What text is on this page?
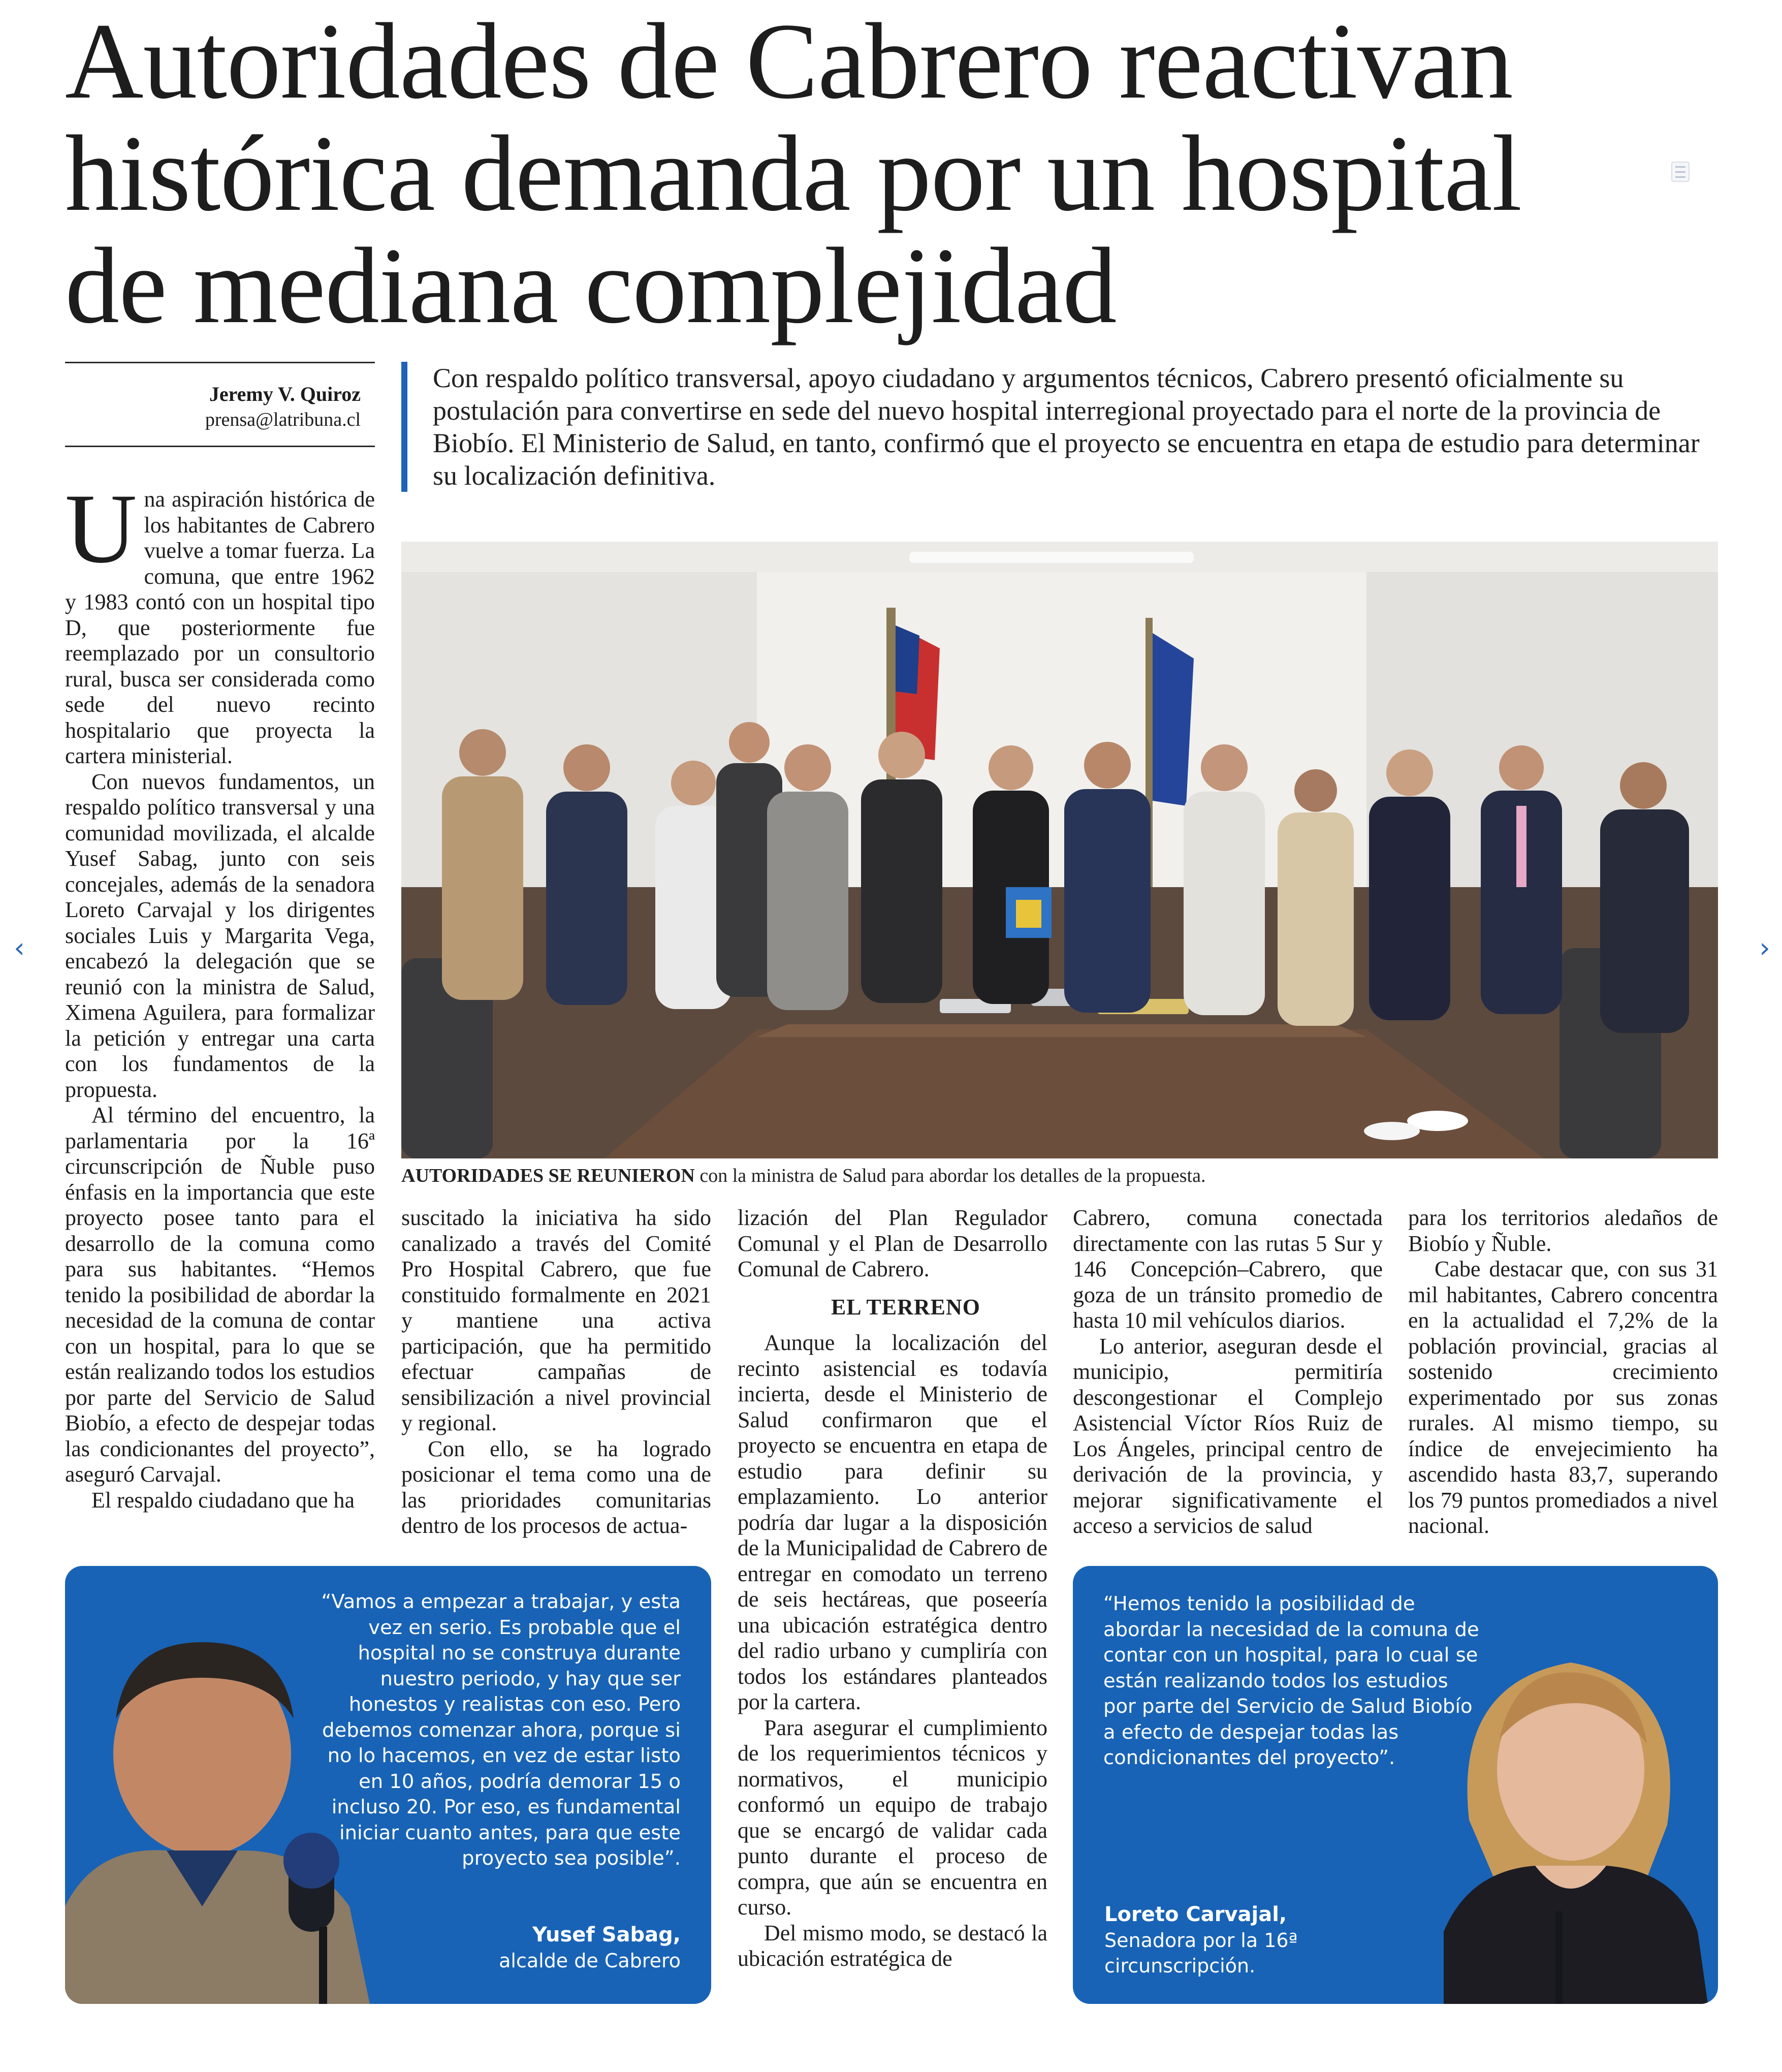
Autoridades de Cabrero reactivan
histórica demanda por un hospital
de mediana complejidad
Jeremy V. Quiroz
prensa@latribuna.cl
Con respaldo político transversal, apoyo ciudadano y argumentos técnicos, Cabrero presentó oficialmente su postulación para convertirse en sede del nuevo hospital interregional proyectado para el norte de la provincia de Biobío. El Ministerio de Salud, en tanto, confirmó que el proyecto se encuentra en etapa de estudio para determinar su localización definitiva.

Una aspiración histórica de los habitantes de Cabrero vuelve a tomar fuerza. La comuna, que entre 1962 y 1983 contó con un hospital tipo D, que posteriormente fue reemplazado por un consultorio rural, busca ser considerada como sede del nuevo recinto hospitalario que proyecta la cartera ministerial.

Con nuevos fundamentos, un respaldo político transversal y una comunidad movilizada, el alcalde Yusef Sabag, junto con seis concejales, además de la senadora Loreto Carvajal y los dirigentes sociales Luis y Margarita Vega, encabezó la delegación que se reunió con la ministra de Salud, Ximena Aguilera, para formalizar la petición y entregar una carta con los fundamentos de la propuesta.

Al término del encuentro, la parlamentaria por la 16ª circunscripción de Ñuble puso énfasis en la importancia que este proyecto posee tanto para el desarrollo de la comuna como para sus habitantes. “Hemos tenido la posibilidad de abordar la necesidad de la comuna de contar con un hospital, para lo que se están realizando todos los estudios por parte del Servicio de Salud Biobío, a efecto de despejar todas las condicionantes del proyecto”, aseguró Carvajal.

El respaldo ciudadano que ha

suscitado la iniciativa ha sido canalizado a través del Comité Pro Hospital Cabrero, que fue constituido formalmente en 2021 y mantiene una activa participación, que ha permitido efectuar campañas de sensibilización a nivel provincial y regional.

Con ello, se ha logrado posicionar el tema como una de las prioridades comunitarias dentro de los procesos de actua-

lización del Plan Regulador Comunal y el Plan de Desarrollo Comunal de Cabrero.

EL TERRENO

Aunque la localización del recinto asistencial es todavía incierta, desde el Ministerio de Salud confirmaron que el proyecto se encuentra en etapa de estudio para definir su emplazamiento. Lo anterior podría dar lugar a la disposición de la Municipalidad de Cabrero de entregar en comodato un terreno de seis hectáreas, que poseería una ubicación estratégica dentro del radio urbano y cumpliría con todos los estándares planteados por la cartera.

Para asegurar el cumplimiento de los requerimientos técnicos y normativos, el municipio conformó un equipo de trabajo que se encargó de validar cada punto durante el proceso de compra, que aún se encuentra en curso.

Del mismo modo, se destacó la ubicación estratégica de

Cabrero, comuna conectada directamente con las rutas 5 Sur y 146 Concepción–Cabrero, que goza de un tránsito promedio de hasta 10 mil vehículos diarios.

Lo anterior, aseguran desde el municipio, permitiría descongestionar el Complejo Asistencial Víctor Ríos Ruiz de Los Ángeles, principal centro de derivación de la provincia, y mejorar significativamente el acceso a servicios de salud

para los territorios aledaños de Biobío y Ñuble.

Cabe destacar que, con sus 31 mil habitantes, Cabrero concentra en la actualidad el 7,2% de la población provincial, gracias al sostenido crecimiento experimentado por sus zonas rurales. Al mismo tiempo, su índice de envejecimiento ha ascendido hasta 83,7, superando los 79 puntos promediados a nivel nacional.

AUTORIDADES SE REUNIERON con la ministra de Salud para abordar los detalles de la propuesta.
“Vamos a empezar a trabajar, y esta vez en serio. Es probable que el hospital no se construya durante nuestro periodo, y hay que ser honestos y realistas con eso. Pero debemos comenzar ahora, porque si no lo hacemos, en vez de estar listo en 10 años, podría demorar 15 o incluso 20. Por eso, es fundamental iniciar cuanto antes, para que este proyecto sea posible”.
Yusef Sabag,
alcalde de Cabrero
“Hemos tenido la posibilidad de abordar la necesidad de la comuna de contar con un hospital, para lo cual se están realizando todos los estudios por parte del Servicio de Salud Biobío a efecto de despejar todas las condicionantes del proyecto”.
Loreto Carvajal,
Senadora por la 16ª circunscripción.
‹	›
